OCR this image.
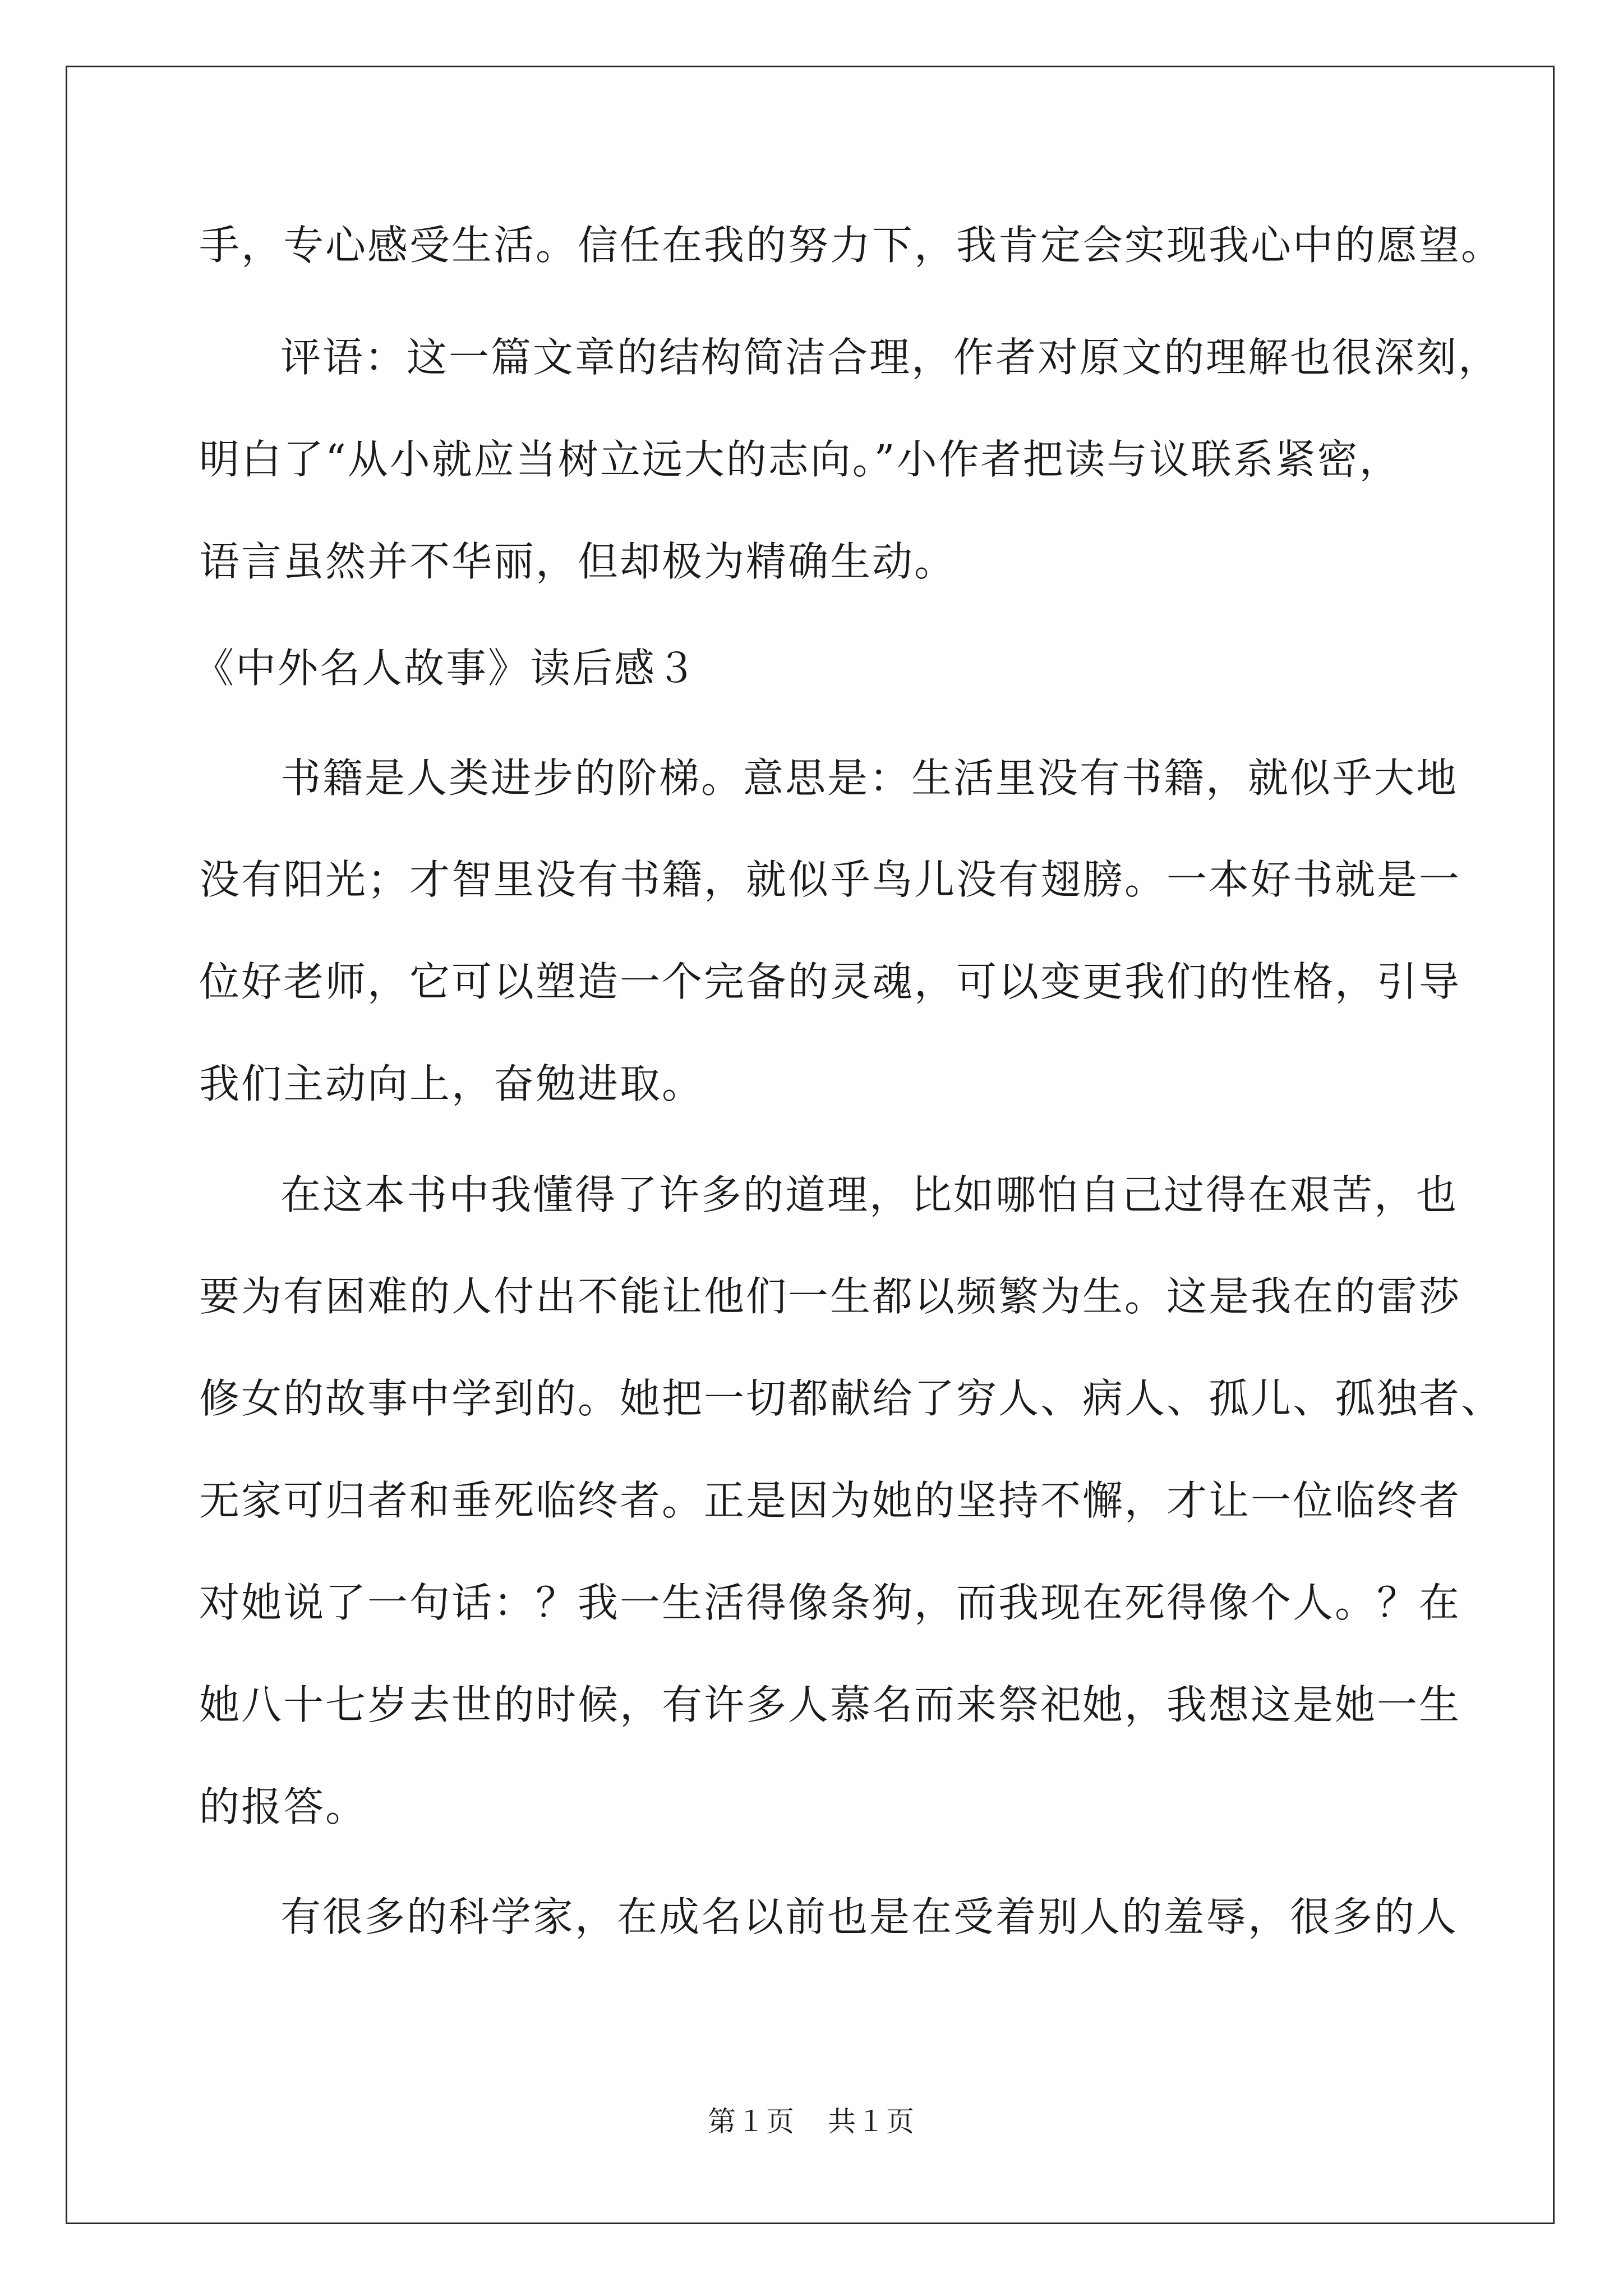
手，专心感受生活。信任在我的努力下，我肯定会实现我心中的愿望。
评语：这一篇文章的结构简洁合理，作者对原文的理解也很深刻，
明白了“从小就应当树立远大的志向。”小作者把读与议联系紧密，
语言虽然并不华丽，但却极为精确生动。
《中外名人故事》读后感３
书籍是人类进步的阶梯。意思是：生活里没有书籍，就似乎大地
没有阳光；才智里没有书籍，就似乎鸟儿没有翅膀。一本好书就是一
位好老师，它可以塑造一个完备的灵魂，可以变更我们的性格，引导
我们主动向上，奋勉进取。
在这本书中我懂得了许多的道理，比如哪怕自己过得在艰苦，也
要为有困难的人付出不能让他们一生都以频繁为生。这是我在的雷莎
修女的故事中学到的。她把一切都献给了穷人、病人、孤儿、孤独者、
无家可归者和垂死临终者。正是因为她的坚持不懈，才让一位临终者
对她说了一句话：？我一生活得像条狗，而我现在死得像个人。？在
她八十七岁去世的时候，有许多人慕名而来祭祀她，我想这是她一生
的报答。
有很多的科学家，在成名以前也是在受着别人的羞辱，很多的人
第１页 共１页
